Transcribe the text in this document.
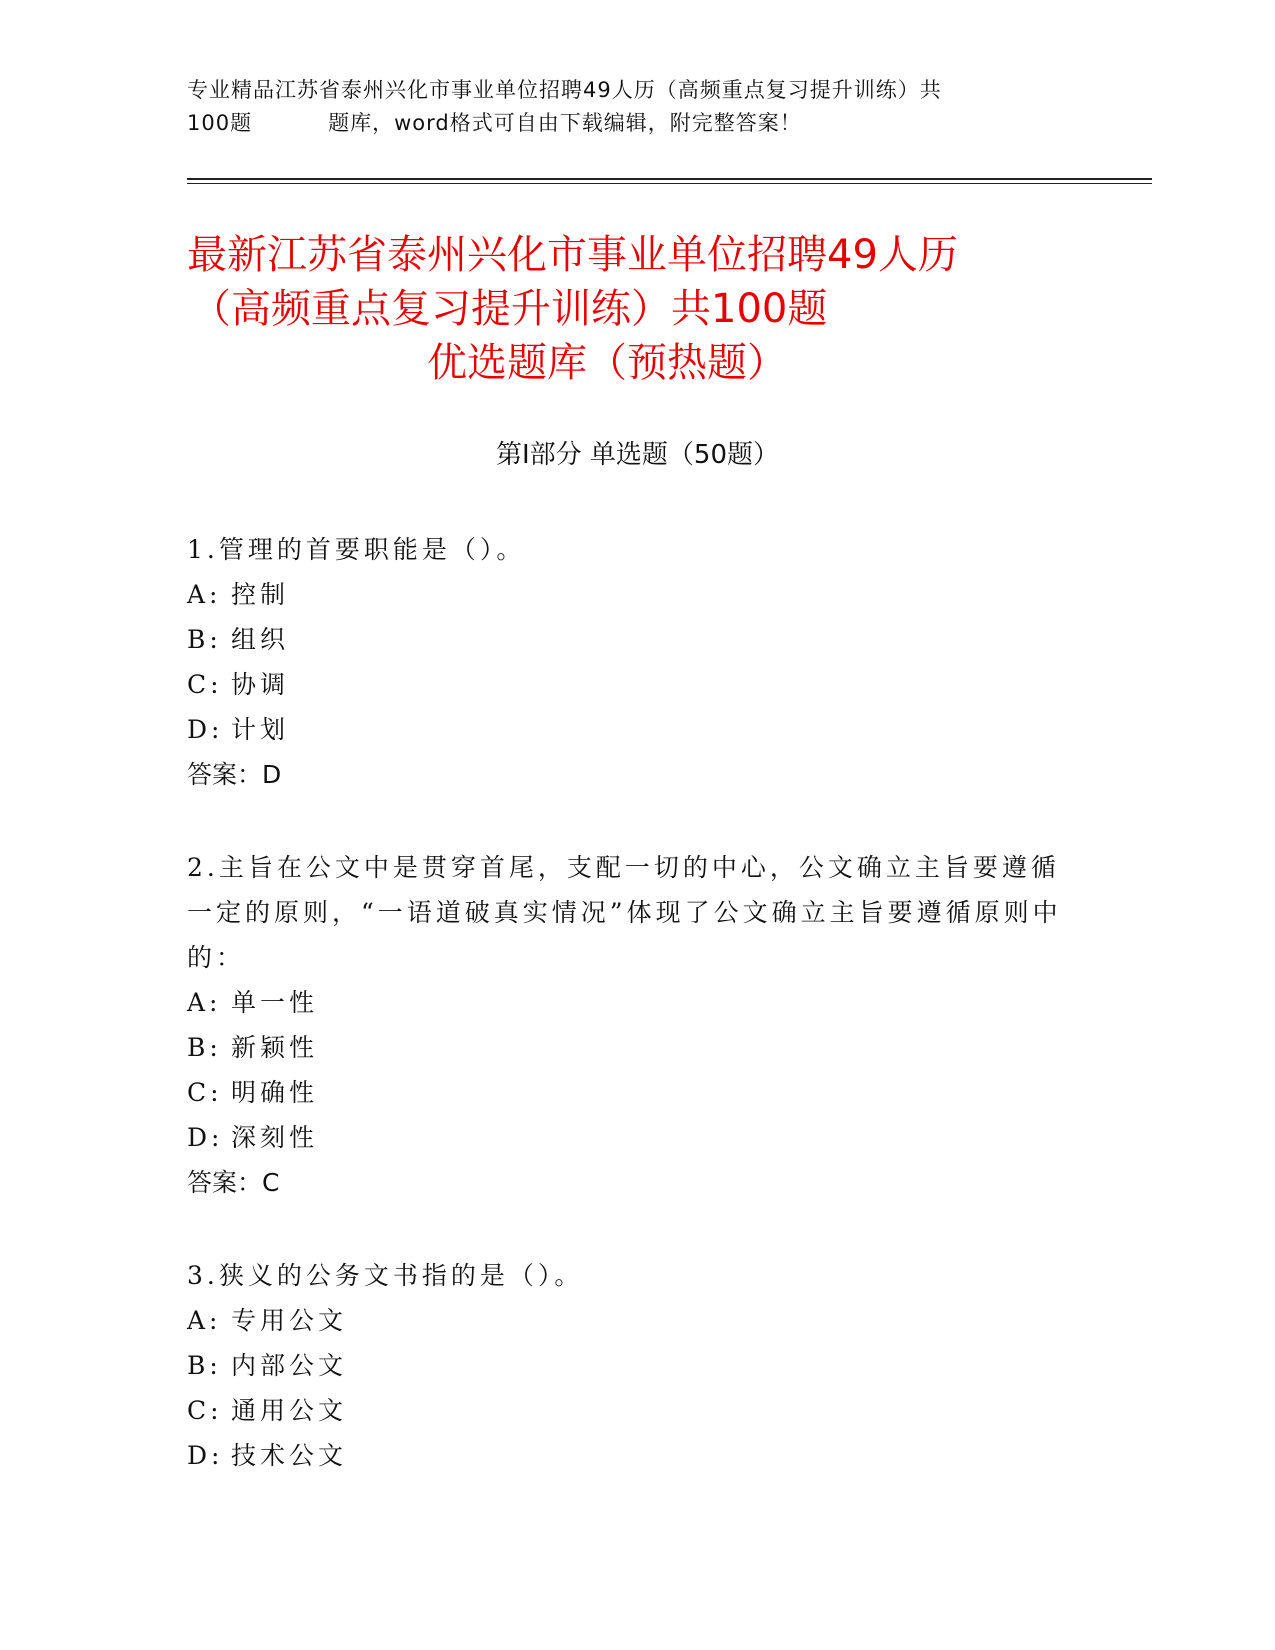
专业精品江苏省泰州兴化市事业单位招聘49人历（高频重点复习提升训练）共
100题	题库，word格式可自由下载编辑，附完整答案！
最新江苏省泰州兴化市事业单位招聘49人历
（高频重点复习提升训练）共100题
优选题库（预热题）
第Ⅰ部分 单选题（50题）
1.管理的首要职能是（）。
A: 控制
B: 组织
C: 协调
D: 计划
答案：D
2.主旨在公文中是贯穿首尾，支配一切的中心，公文确立主旨要遵循一定的原则，“一语道破真实情况”体现了公文确立主旨要遵循原则中的：
A: 单一性
B: 新颖性
C: 明确性
D: 深刻性
答案：C
3.狭义的公务文书指的是（）。
A: 专用公文
B: 内部公文
C: 通用公文
D: 技术公文
